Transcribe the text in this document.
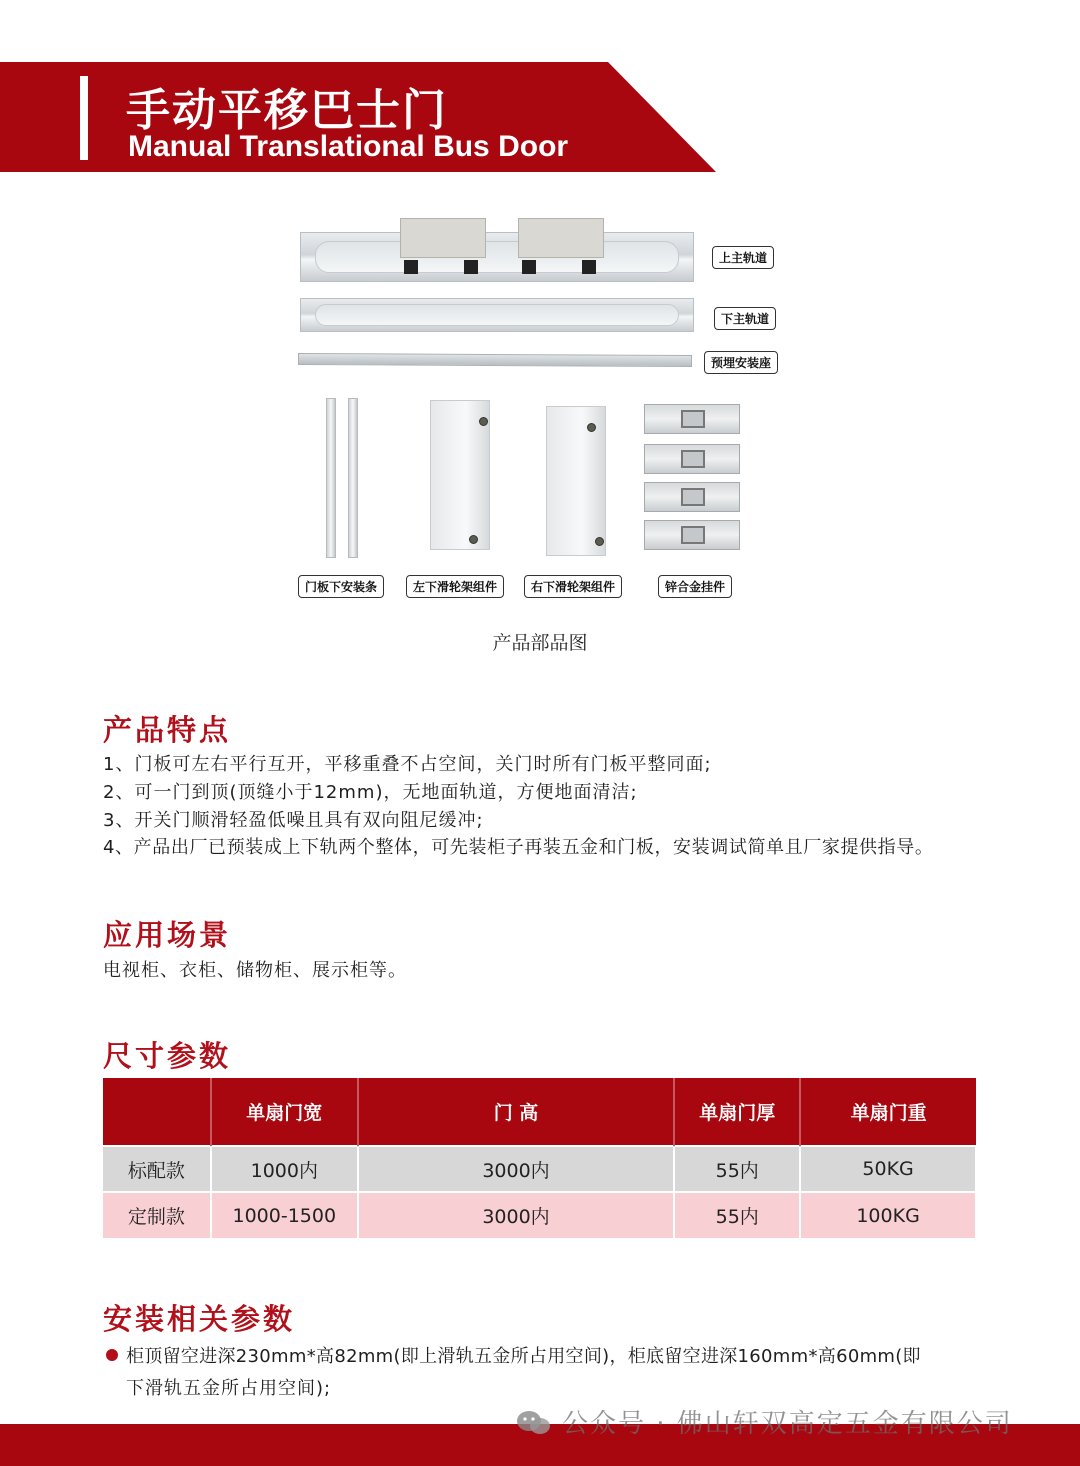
手动平移巴士门
Manual Translational Bus Door
上主轨道
下主轨道
预埋安装座
门板下安装条	左下滑轮架组件	右下滑轮架组件	锌合金挂件
产品部品图
产品特点
1、门板可左右平行互开，平移重叠不占空间，关门时所有门板平整同面;
2、可一门到顶(顶缝小于12mm)，无地面轨道，方便地面清洁;
3、开关门顺滑轻盈低噪且具有双向阻尼缓冲;
4、产品出厂已预装成上下轨两个整体，可先装柜子再装五金和门板，安装调试简单且厂家提供指导。
应用场景
电视柜、衣柜、储物柜、展示柜等。
尺寸参数
	单扇门宽	门 高	单扇门厚	单扇门重
标配款	1000内	3000内	55内	50KG
定制款	1000-1500	3000内	55内	100KG
安装相关参数
柜顶留空进深230mm*高82mm(即上滑轨五金所占用空间)，柜底留空进深160mm*高60mm(即
下滑轨五金所占用空间);
公众号 · 佛山轩双高定五金有限公司
